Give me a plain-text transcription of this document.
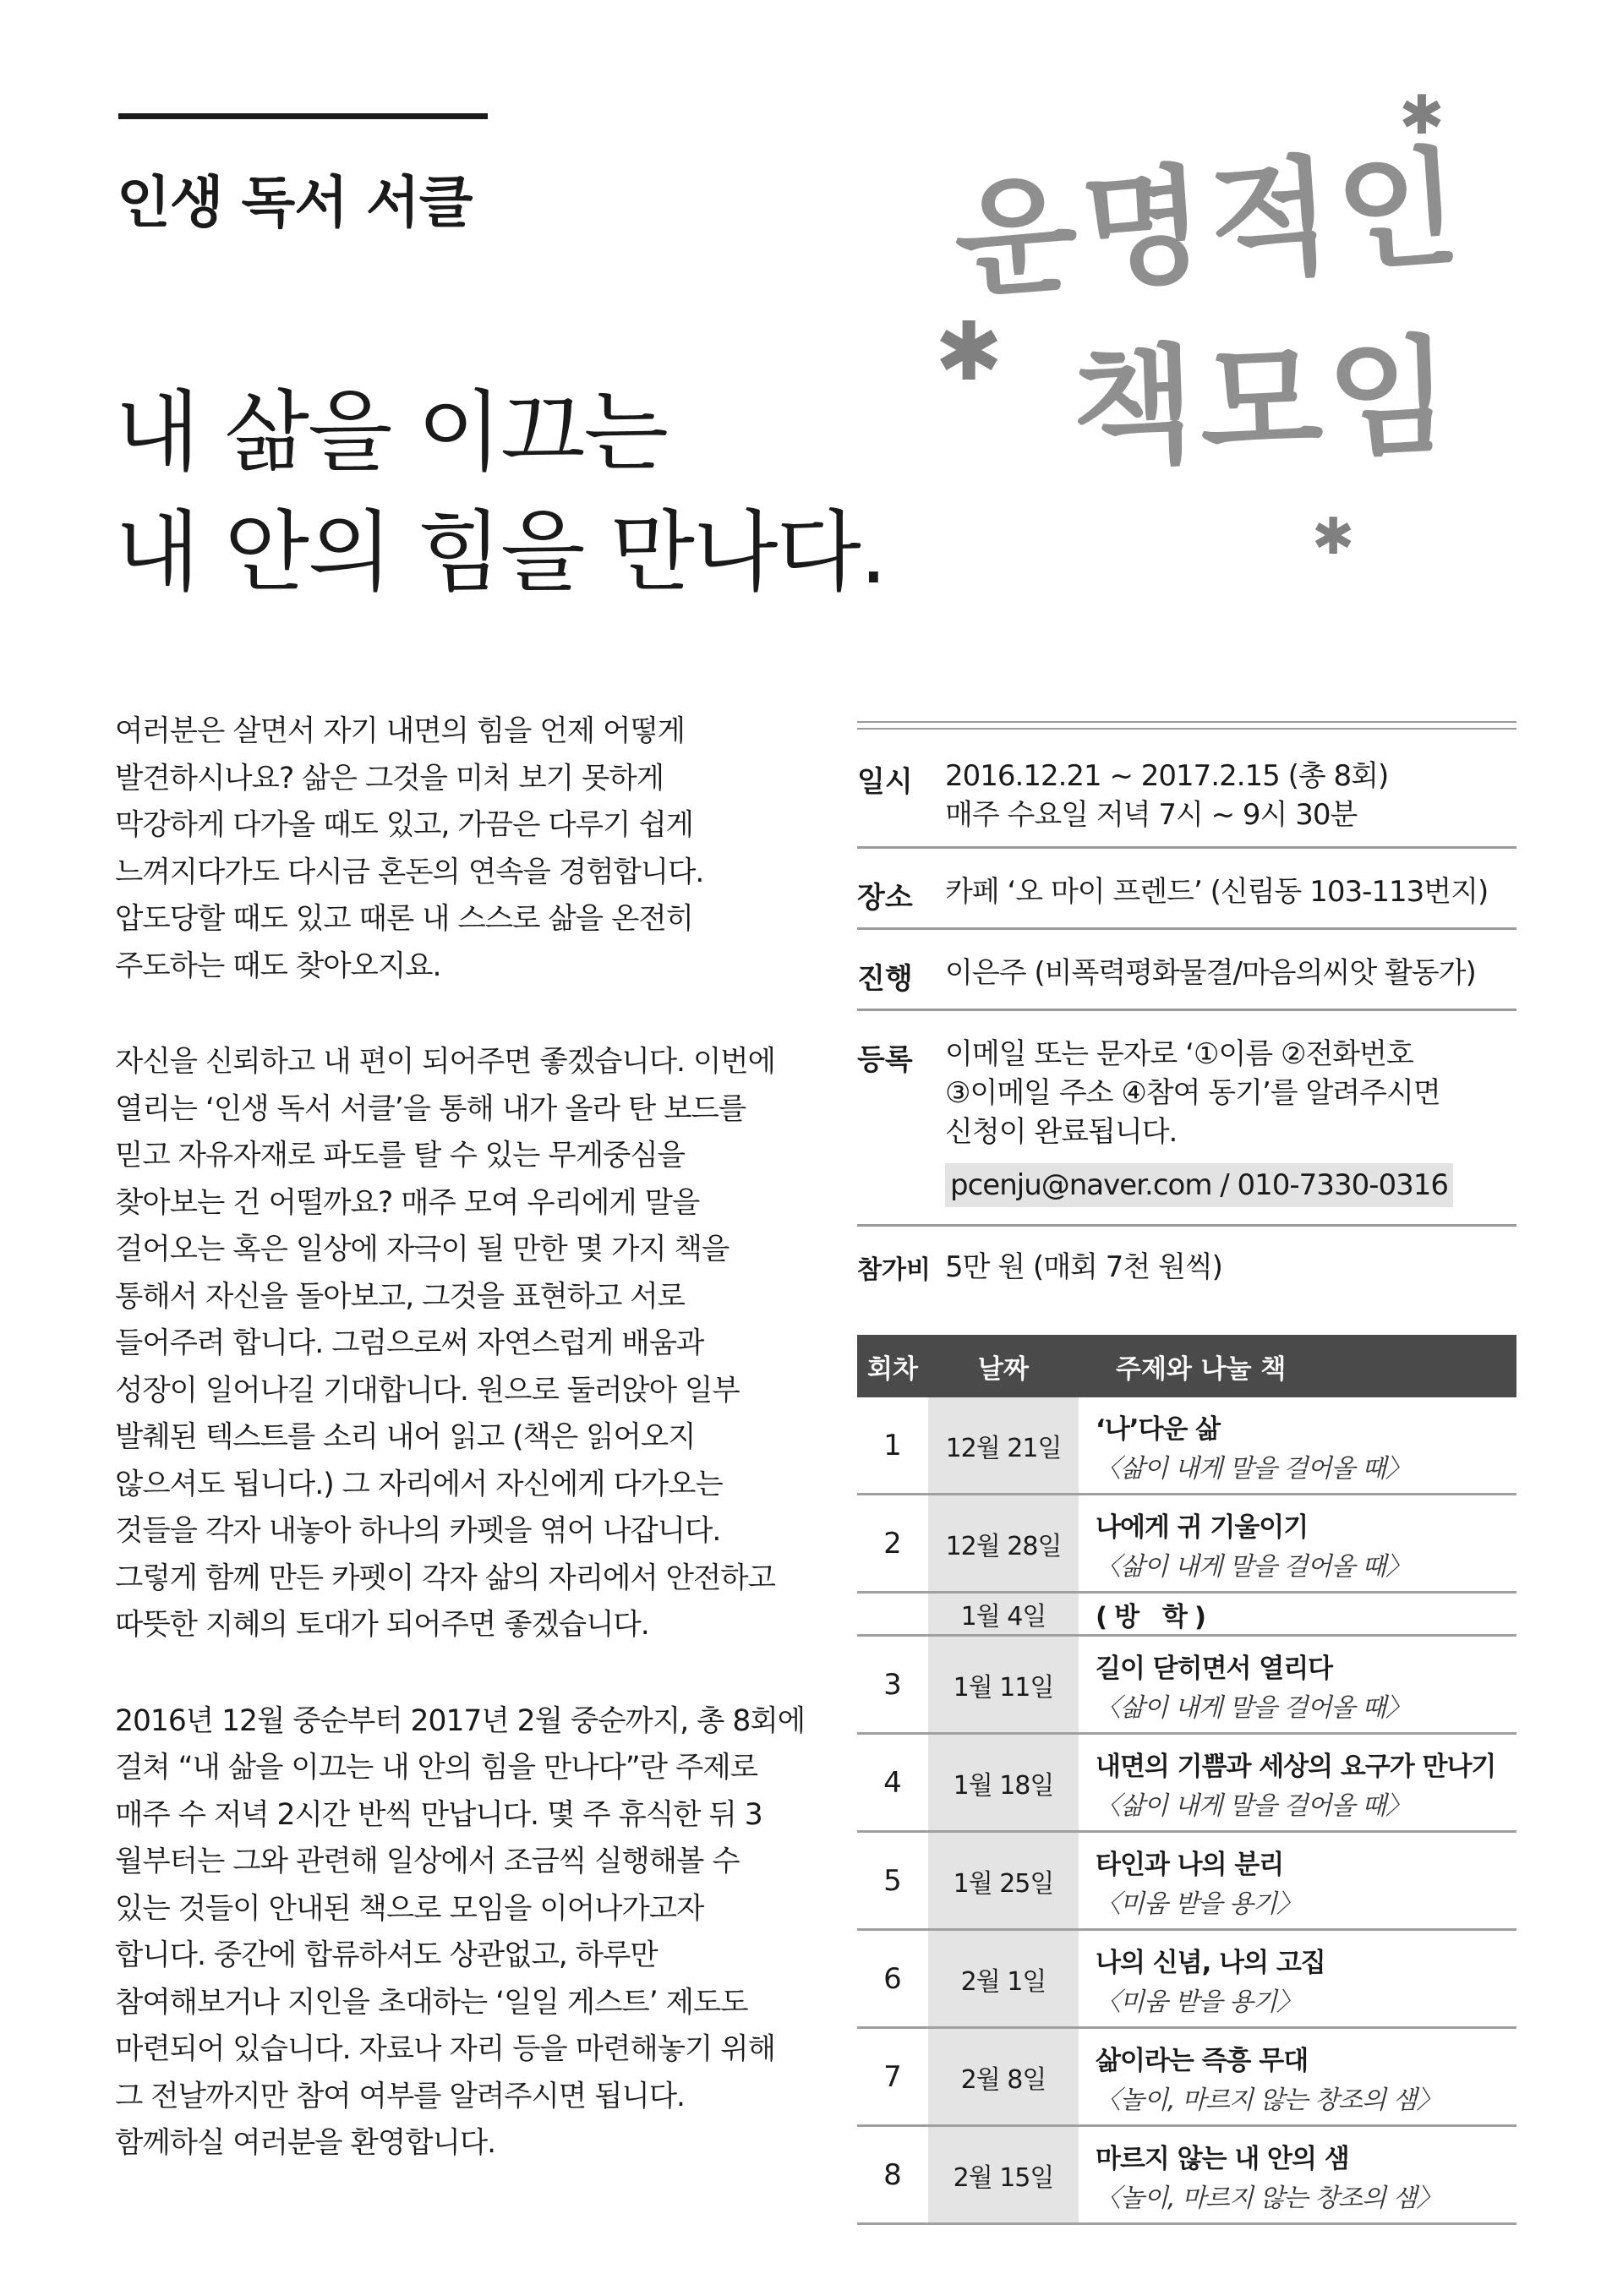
인생 독서 서클
내 삶을 이끄는
내 안의 힘을 만나다.
✱
✱
✱
운명적인
책모임

여러분은 살면서 자기 내면의 힘을 언제 어떻게
발견하시나요? 삶은 그것을 미처 보기 못하게
막강하게 다가올 때도 있고, 가끔은 다루기 쉽게
느껴지다가도 다시금 혼돈의 연속을 경험합니다.
압도당할 때도 있고 때론 내 스스로 삶을 온전히
주도하는 때도 찾아오지요.

자신을 신뢰하고 내 편이 되어주면 좋겠습니다. 이번에
열리는 ‘인생 독서 서클’을 통해 내가 올라 탄 보드를
믿고 자유자재로 파도를 탈 수 있는 무게중심을
찾아보는 건 어떨까요? 매주 모여 우리에게 말을
걸어오는 혹은 일상에 자극이 될 만한 몇 가지 책을
통해서 자신을 돌아보고, 그것을 표현하고 서로
들어주려 합니다. 그럼으로써 자연스럽게 배움과
성장이 일어나길 기대합니다. 원으로 둘러앉아 일부
발췌된 텍스트를 소리 내어 읽고 (책은 읽어오지
않으셔도 됩니다.) 그 자리에서 자신에게 다가오는
것들을 각자 내놓아 하나의 카펫을 엮어 나갑니다.
그렇게 함께 만든 카펫이 각자 삶의 자리에서 안전하고
따뜻한 지혜의 토대가 되어주면 좋겠습니다.

2016년 12월 중순부터 2017년 2월 중순까지, 총 8회에
걸쳐 “내 삶을 이끄는 내 안의 힘을 만나다”란 주제로
매주 수 저녁 2시간 반씩 만납니다. 몇 주 휴식한 뒤 3
월부터는 그와 관련해 일상에서 조금씩 실행해볼 수
있는 것들이 안내된 책으로 모임을 이어나가고자
합니다. 중간에 합류하셔도 상관없고, 하루만
참여해보거나 지인을 초대하는 ‘일일 게스트’ 제도도
마련되어 있습니다. 자료나 자리 등을 마련해놓기 위해
그 전날까지만 참여 여부를 알려주시면 됩니다.
함께하실 여러분을 환영합니다.

일시	2016.12.21 ~ 2017.2.15 (총 8회)
매주 수요일 저녁 7시 ~ 9시 30분
장소	카페 ‘오 마이 프렌드’ (신림동 103-113번지)
진행	이은주 (비폭력평화물결/마음의씨앗 활동가)
등록	이메일 또는 문자로 ‘①이름 ②전화번호
③이메일 주소 ④참여 동기’를 알려주시면
신청이 완료됩니다.
pcenju@naver.com / 010-7330-0316
참가비 5만 원 (매회 7천 원씩)
회차	날짜	주제와 나눌 책
1	12월 21일	‘나’다운 삶
〈삶이 내게 말을 걸어올 때〉

2	12월 28일	나에게 귀 기울이기
〈삶이 내게 말을 걸어올 때〉

	1월 4일	(방 학)

3	1월 11일	길이 닫히면서 열리다
〈삶이 내게 말을 걸어올 때〉

4	1월 18일	내면의 기쁨과 세상의 요구가 만나기
〈삶이 내게 말을 걸어올 때〉

5	1월 25일	타인과 나의 분리
〈미움 받을 용기〉

6	2월 1일	나의 신념, 나의 고집
〈미움 받을 용기〉

7	2월 8일	삶이라는 즉흥 무대
〈놀이, 마르지 않는 창조의 샘〉

8	2월 15일	마르지 않는 내 안의 샘
〈놀이, 마르지 않는 창조의 샘〉
